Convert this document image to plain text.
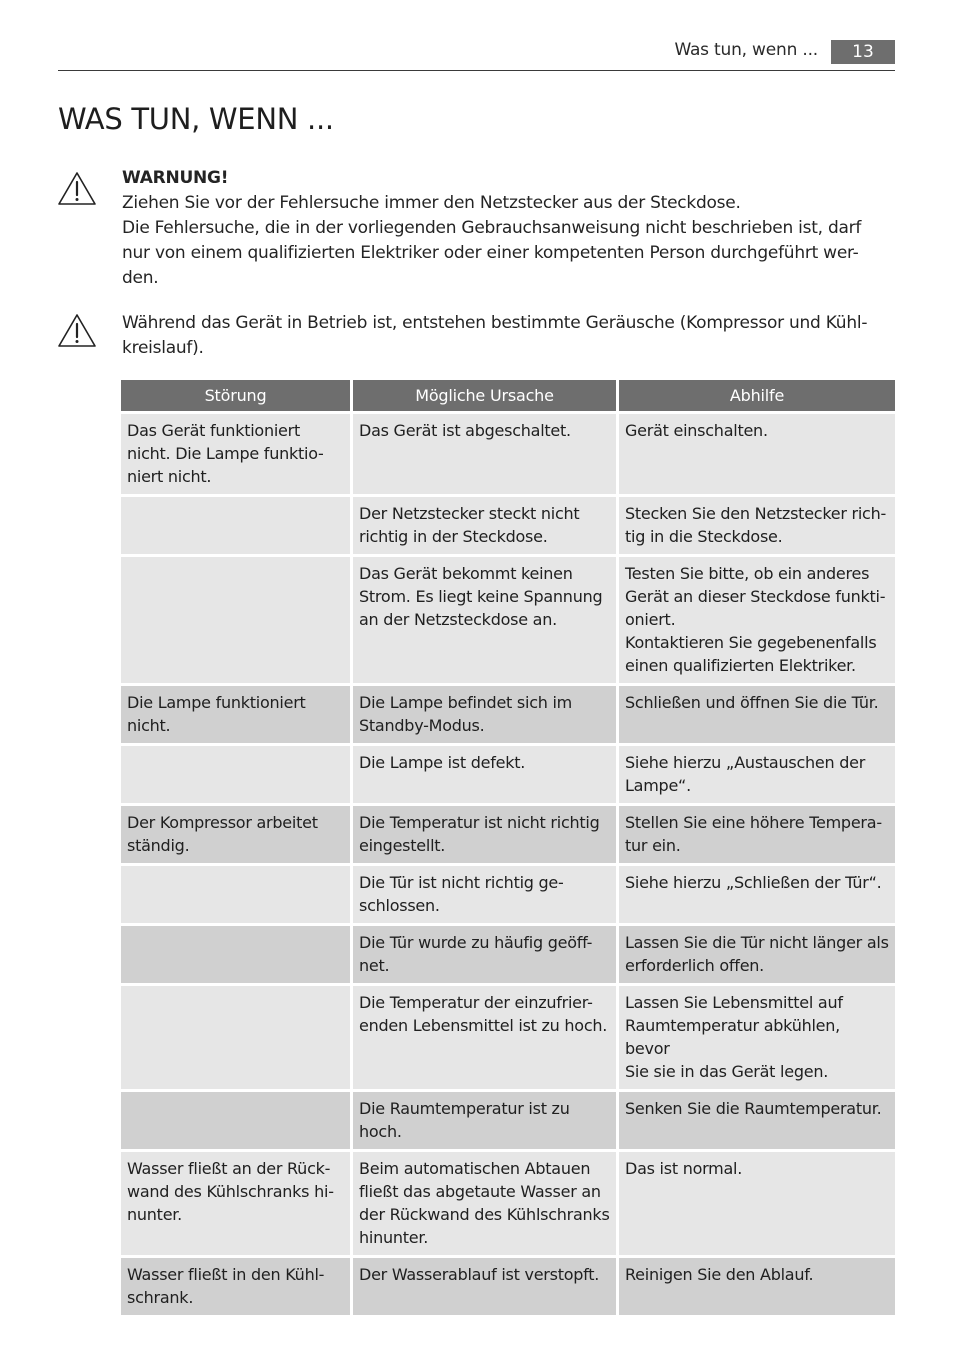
Was tun, wenn ...	13
WAS TUN, WENN ...
WARNUNG!
Ziehen Sie vor der Fehlersuche immer den Netzstecker aus der Steckdose.
Die Fehlersuche, die in der vorliegenden Gebrauchsanweisung nicht beschrieben ist, darf
nur von einem qualifizierten Elektriker oder einer kompetenten Person durchgeführt wer-
den.
Während das Gerät in Betrieb ist, entstehen bestimmte Geräusche (Kompressor und Kühl-
kreislauf).
Störung	Mögliche Ursache	Abhilfe

Das Gerät funktioniert
nicht. Die Lampe funktio-
niert nicht.	Das Gerät ist abgeschaltet.	Gerät einschalten.

	Der Netzstecker steckt nicht
richtig in der Steckdose.	Stecken Sie den Netzstecker rich-
tig in die Steckdose.

	Das Gerät bekommt keinen
Strom. Es liegt keine Spannung
an der Netzsteckdose an.	Testen Sie bitte, ob ein anderes
Gerät an dieser Steckdose funkti-
oniert.
Kontaktieren Sie gegebenenfalls
einen qualifizierten Elektriker.

Die Lampe funktioniert
nicht.	Die Lampe befindet sich im
Standby-Modus.	Schließen und öffnen Sie die Tür.

	Die Lampe ist defekt.	Siehe hierzu „Austauschen der
Lampe“.

Der Kompressor arbeitet
ständig.	Die Temperatur ist nicht richtig
eingestellt.	Stellen Sie eine höhere Tempera-
tur ein.

	Die Tür ist nicht richtig ge-
schlossen.	Siehe hierzu „Schließen der Tür“.

	Die Tür wurde zu häufig geöff-
net.	Lassen Sie die Tür nicht länger als
erforderlich offen.

	Die Temperatur der einzufrier-
enden Lebensmittel ist zu hoch.	Lassen Sie Lebensmittel auf
Raumtemperatur abkühlen, bevor
Sie sie in das Gerät legen.

	Die Raumtemperatur ist zu
hoch.	Senken Sie die Raumtemperatur.

Wasser fließt an der Rück-
wand des Kühlschranks hi-
nunter.	Beim automatischen Abtauen
fließt das abgetaute Wasser an
der Rückwand des Kühlschranks
hinunter.	Das ist normal.

Wasser fließt in den Kühl-
schrank.	Der Wasserablauf ist verstopft.	Reinigen Sie den Ablauf.
